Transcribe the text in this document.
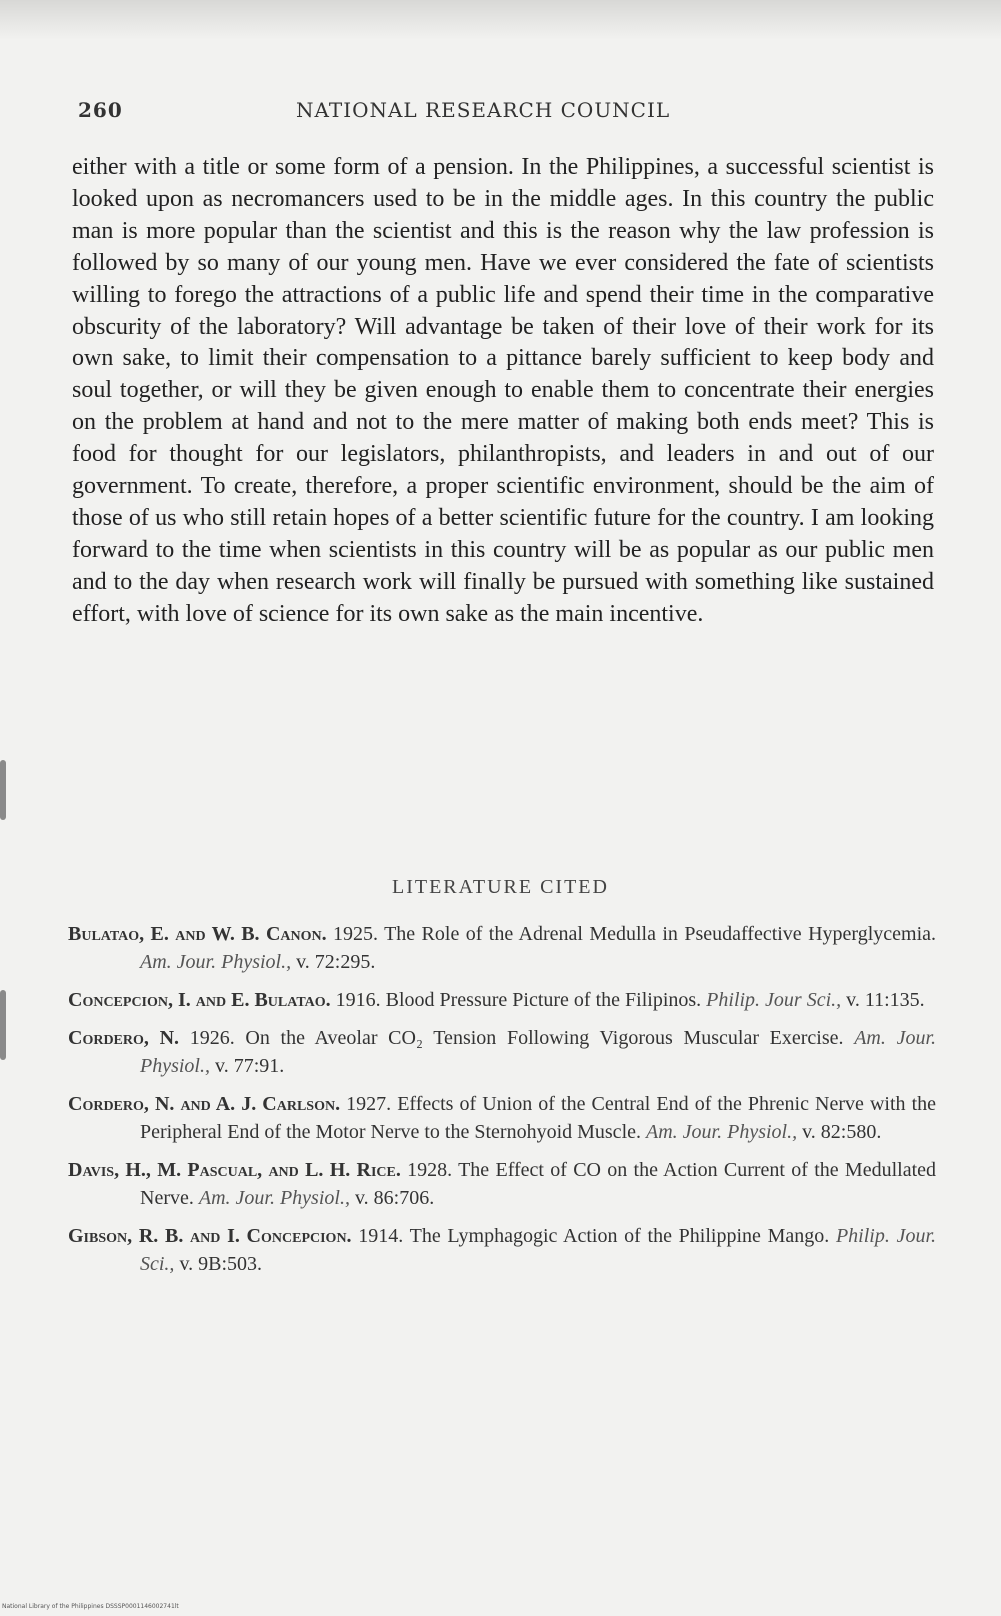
260	NATIONAL RESEARCH COUNCIL
either with a title or some form of a pension. In the Philippines, a successful scientist is looked upon as necromancers used to be in the middle ages. In this country the public man is more popular than the scientist and this is the reason why the law profession is followed by so many of our young men. Have we ever considered the fate of scientists willing to forego the attractions of a public life and spend their time in the comparative obscurity of the laboratory? Will advantage be taken of their love of their work for its own sake, to limit their compensation to a pittance barely sufficient to keep body and soul together, or will they be given enough to enable them to concentrate their energies on the problem at hand and not to the mere matter of making both ends meet? This is food for thought for our legislators, philanthropists, and leaders in and out of our government. To create, therefore, a proper scientific environment, should be the aim of those of us who still retain hopes of a better scientific future for the country. I am looking forward to the time when scientists in this country will be as popular as our public men and to the day when research work will finally be pursued with something like sustained effort, with love of science for its own sake as the main incentive.
LITERATURE CITED

Bulatao, E. and W. B. Canon. 1925. The Role of the Adrenal Medulla in Pseudaffective Hyperglycemia. Am. Jour. Physiol., v. 72:295.

Concepcion, I. and E. Bulatao. 1916. Blood Pressure Picture of the Filipinos. Philip. Jour Sci., v. 11:135.

Cordero, N. 1926. On the Aveolar CO₂ Tension Following Vigorous Muscular Exercise. Am. Jour. Physiol., v. 77:91.

Cordero, N. and A. J. Carlson. 1927. Effects of Union of the Central End of the Phrenic Nerve with the Peripheral End of the Motor Nerve to the Sternohyoid Muscle. Am. Jour. Physiol., v. 82:580.

Davis, H., M. Pascual, and L. H. Rice. 1928. The Effect of CO on the Action Current of the Medullated Nerve. Am. Jour. Physiol., v. 86:706.

Gibson, R. B. and I. Concepcion. 1914. The Lymphagogic Action of the Philippine Mango. Philip. Jour. Sci., v. 9B:503.

National Library of the Philippines DSSSP0001146002741lt
